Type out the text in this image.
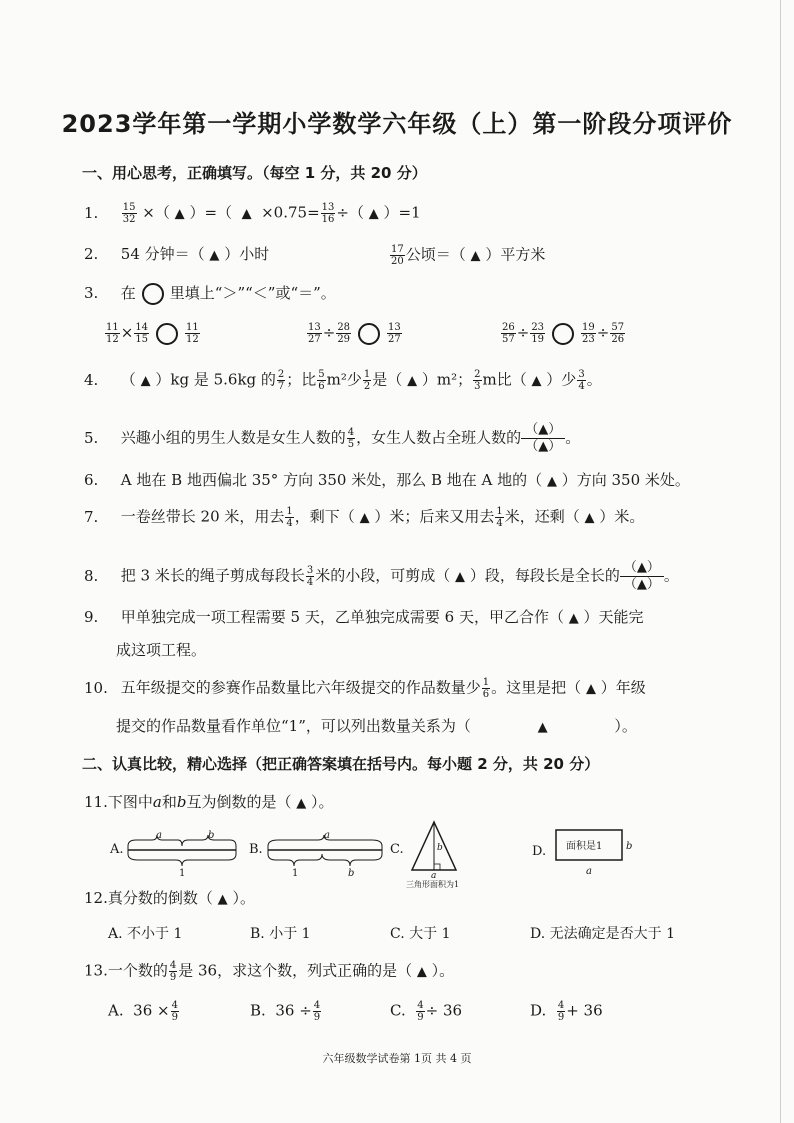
2023学年第一学期小学数学六年级（上）第一阶段分项评价
一、用心思考，正确填写。（每空 1 分，共 20 分）
1. $\frac{15}{32}$ ×（ ▲ ）=（ ▲ $\times 0.75= \frac{13}{16}$ ÷（ ▲ ）=1
2. 54 分钟＝（ ▲ ）小时	$\frac{17}{20}$ 公顷＝（ ▲ ）平方米
3. 在 里填上“＞”“＜”或“＝”。
$\frac{11}{12} \times \frac{14}{15}$	$\frac{11}{12}$	$\frac{13}{27} \div \frac{28}{29}$	$\frac{13}{27}$	$\frac{26}{57} \div \frac{23}{19}$	$\frac{19}{23} \div \frac{57}{26}$
4. （ ▲ ）kg 是 5.6kg 的 $\frac{2}{7}$ ；比 $\frac{5}{6} m^2$少 $\frac{1}{2}$ 是（ ▲ ）m²； $\frac{2}{3}$ m比（ ▲ ）少 $\frac{3}{4}$ 。
5. 兴趣小组的男生人数是女生人数的 $\frac{4}{5}$ ，女生人数占全班人数的 （▲）
（▲） 。
6. A 地在 B 地西偏北 35° 方向 350 米处，那么 B 地在 A 地的（ ▲ ）方向 350 米处。
7. 一卷丝带长 20 米，用去 $\frac{1}{4}$ ，剩下（ ▲ ）米；后来又用去 $\frac{1}{4}$ 米，还剩（ ▲ ）米。
8. 把 3 米长的绳子剪成每段长 $\frac{3}{4}$ 米的小段，可剪成（ ▲ ）段，每段长是全长的 （▲）
（▲） 。
9. 甲单独完成一项工程需要 5 天，乙单独完成需要 6 天，甲乙合作（ ▲ ）天能完
成这项工程。
10. 五年级提交的参赛作品数量比六年级提交的作品数量少 $\frac{1}{6}$ 。这里是把（ ▲ ）年级
提交的作品数量看作单位“1”，可以列出数量关系为（	▲	）。
二、认真比较，精心选择（把正确答案填在括号内。每小题 2 分，共 20 分）
11.下图中a和b互为倒数的是（ ▲ ）。
A.
a	b
1
B.
a
1	b
C.	b
a
三角形面积为1
D. 面积是1 b
a
12.真分数的倒数（ ▲ ）。
A. 不小于 1	B. 小于 1	C. 大于 1	D. 无法确定是否大于 1
13.一个数的 $\frac{4}{9}$ 是 36，求这个数，列式正确的是（ ▲ ）。
A. $36 \times \frac{4}{9}$	B. $36 \div \frac{4}{9}$	C. $\frac{4}{9} \div 36$	D. $\frac{4}{9} + 36$
六年级数学试卷第 1页 共 4 页
